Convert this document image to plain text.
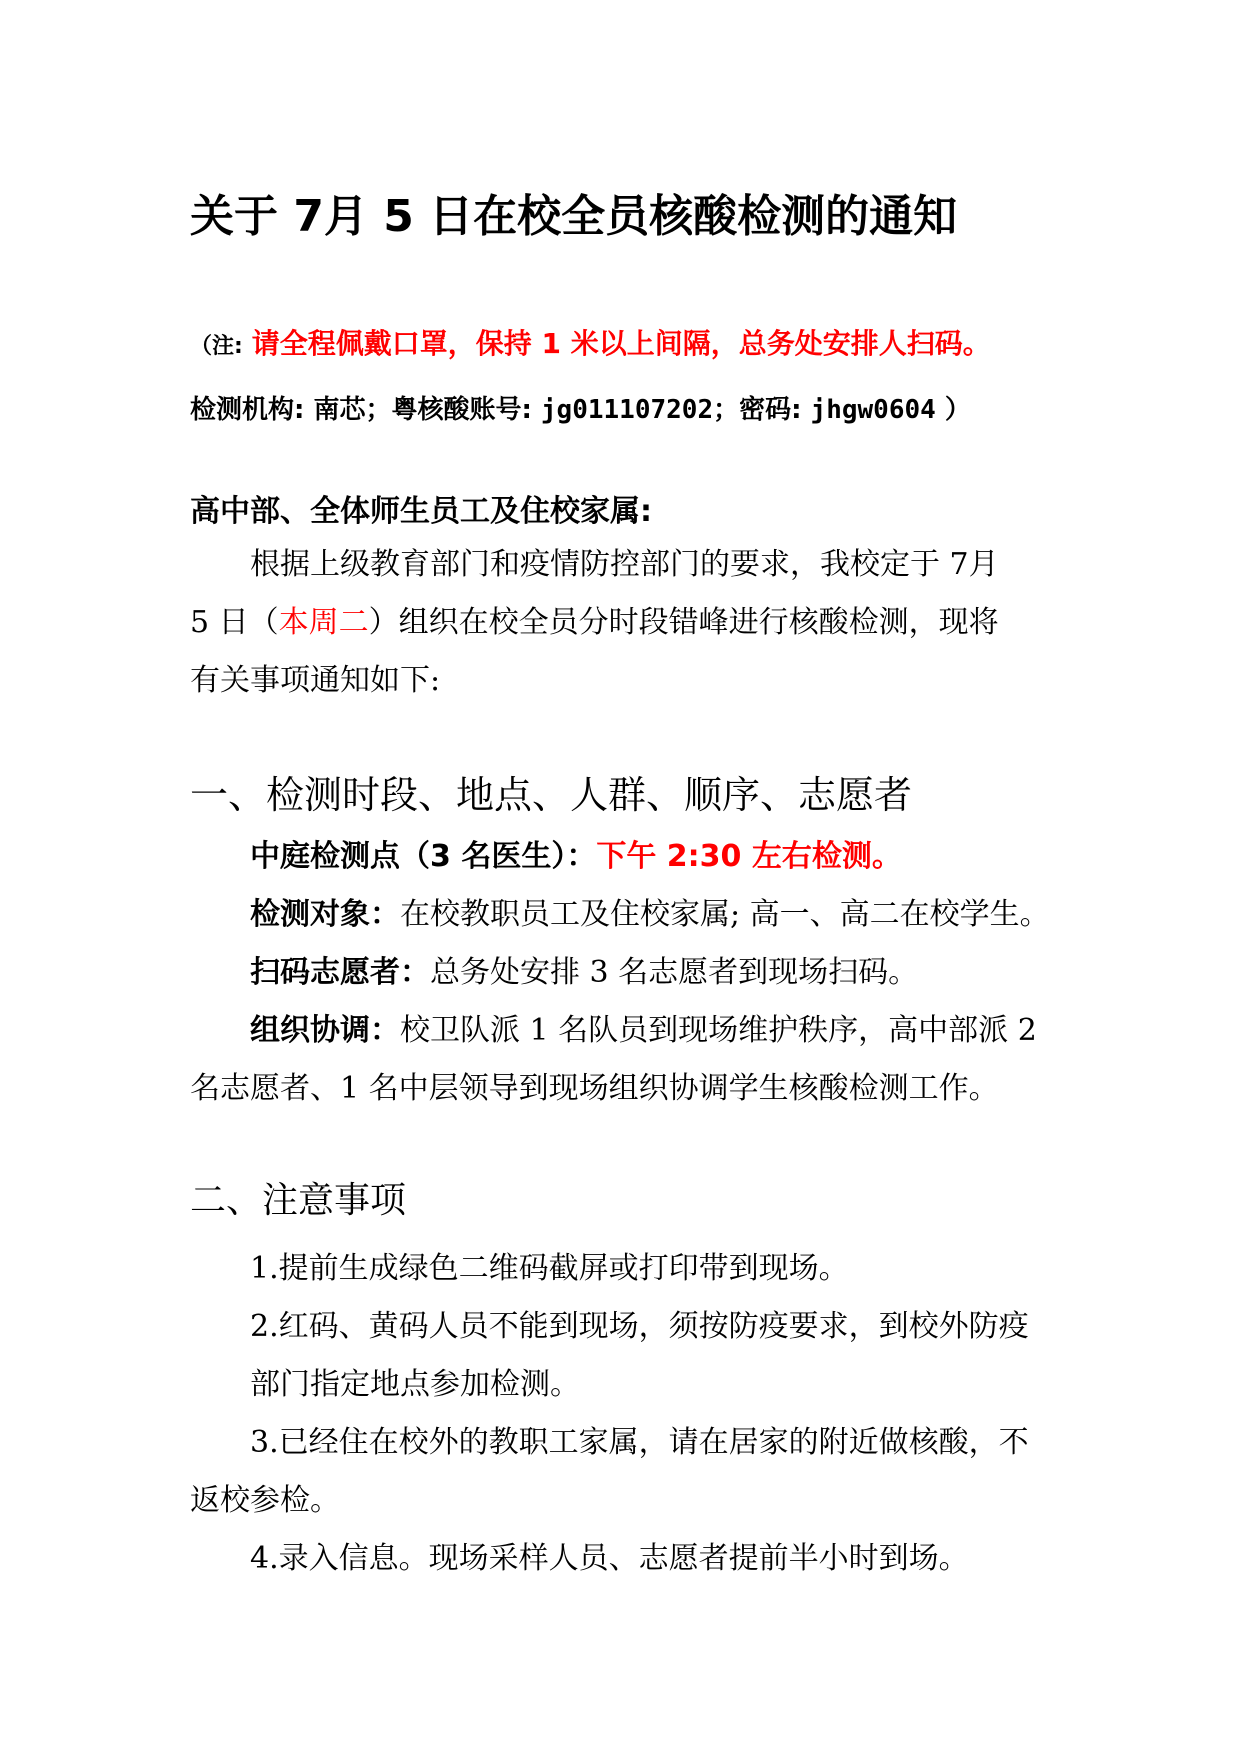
关于 7月 5 日在校全员核酸检测的通知
（注: 请全程佩戴口罩，保持 1 米以上间隔，总务处安排人扫码。
检测机构: 南芯；粤核酸账号: jg011107202；密码: jhgw0604 ）
高中部、全体师生员工及住校家属:
根据上级教育部门和疫情防控部门的要求，我校定于 7月
5 日（本周二）组织在校全员分时段错峰进行核酸检测，现将
有关事项通知如下:
一、检测时段、地点、人群、顺序、志愿者
中庭检测点（3 名医生）：下午 2:30 左右检测。
检测对象：在校教职员工及住校家属; 高一、高二在校学生。
扫码志愿者：总务处安排 3 名志愿者到现场扫码。
组织协调：校卫队派 1 名队员到现场维护秩序，高中部派 2
名志愿者、1 名中层领导到现场组织协调学生核酸检测工作。
二、注意事项
1.提前生成绿色二维码截屏或打印带到现场。
2.红码、黄码人员不能到现场，须按防疫要求，到校外防疫
部门指定地点参加检测。
3.已经住在校外的教职工家属，请在居家的附近做核酸，不
返校参检。
4.录入信息。现场采样人员、志愿者提前半小时到场。
